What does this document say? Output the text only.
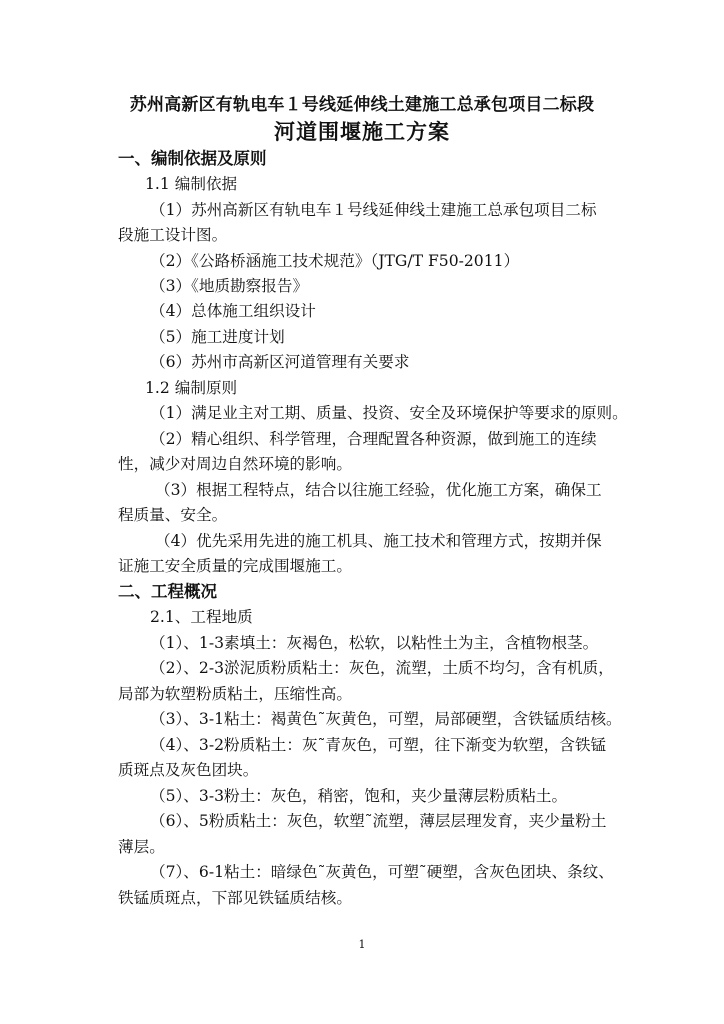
苏州高新区有轨电车１号线延伸线土建施工总承包项目二标段
河道围堰施工方案
一、编制依据及原则
1.1 编制依据
（1）苏州高新区有轨电车１号线延伸线土建施工总承包项目二标
段施工设计图。
（2）《公路桥涵施工技术规范》（JTG/T F50-2011）
（3）《地质勘察报告》
（4）总体施工组织设计
（5）施工进度计划
（6）苏州市高新区河道管理有关要求
1.2 编制原则
（1）满足业主对工期、质量、投资、安全及环境保护等要求的原则。
（2）精心组织、科学管理，合理配置各种资源，做到施工的连续
性，减少对周边自然环境的影响。
（3）根据工程特点，结合以往施工经验，优化施工方案，确保工
程质量、安全。
（4）优先采用先进的施工机具、施工技术和管理方式，按期并保
证施工安全质量的完成围堰施工。
二、工程概况
2.1、工程地质
（1）、1-3素填土：灰褐色，松软，以粘性土为主，含植物根茎。
（2）、2-3淤泥质粉质粘土：灰色，流塑，土质不均匀，含有机质，
局部为软塑粉质粘土，压缩性高。
（3）、3-1粘土：褐黄色˜灰黄色，可塑，局部硬塑，含铁锰质结核。
（4）、3-2粉质粘土：灰˜青灰色，可塑，往下渐变为软塑，含铁锰
质斑点及灰色团块。
（5）、3-3粉土：灰色，稍密，饱和，夹少量薄层粉质粘土。
（6）、5粉质粘土：灰色，软塑˜流塑，薄层层理发育，夹少量粉土
薄层。
（7）、6-1粘土：暗绿色˜灰黄色，可塑˜硬塑，含灰色团块、条纹、
铁锰质斑点，下部见铁锰质结核。
1
